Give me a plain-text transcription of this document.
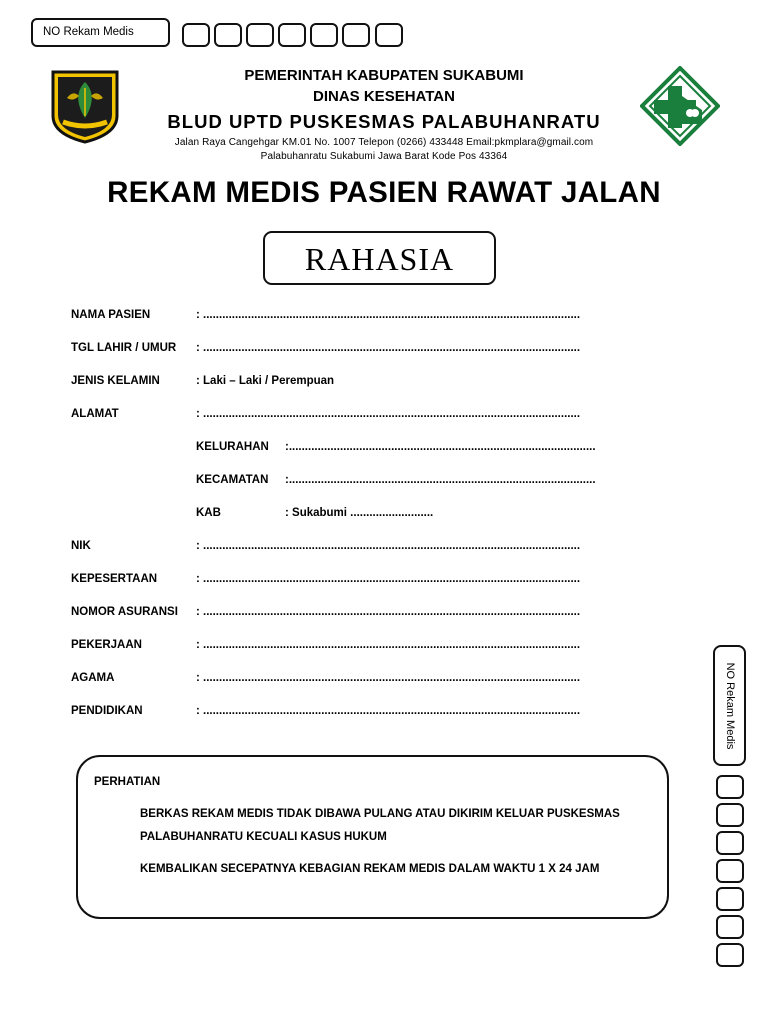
NO Rekam Medis
PEMERINTAH KABUPATEN SUKABUMI
DINAS KESEHATAN
BLUD UPTD PUSKESMAS PALABUHANRATU
Jalan Raya Cangehgar KM.01 No. 1007 Telepon (0266) 433448 Email:pkmplara@gmail.com
Palabuhanratu Sukabumi Jawa Barat Kode Pos 43364
REKAM MEDIS PASIEN RAWAT JALAN
RAHASIA
NAMA PASIEN	: ......................................................................................................................
TGL LAHIR / UMUR : ......................................................................................................................
JENIS KELAMIN	: Laki – Laki / Perempuan
ALAMAT	: ......................................................................................................................
KELURAHAN :................................................................................................
KECAMATAN :................................................................................................
KAB	: Sukabumi ..........................
NIK	: ......................................................................................................................
KEPESERTAAN	: ......................................................................................................................
NOMOR ASURANSI : ......................................................................................................................
PEKERJAAN	: ......................................................................................................................
AGAMA	: ......................................................................................................................
PENDIDIKAN	: ......................................................................................................................
PERHATIAN
BERKAS REKAM MEDIS TIDAK DIBAWA PULANG ATAU DIKIRIM KELUAR PUSKESMAS
PALABUHANRATU KECUALI KASUS HUKUM
KEMBALIKAN SECEPATNYA KEBAGIAN REKAM MEDIS DALAM WAKTU 1 X 24 JAM
NO Rekam Medis
